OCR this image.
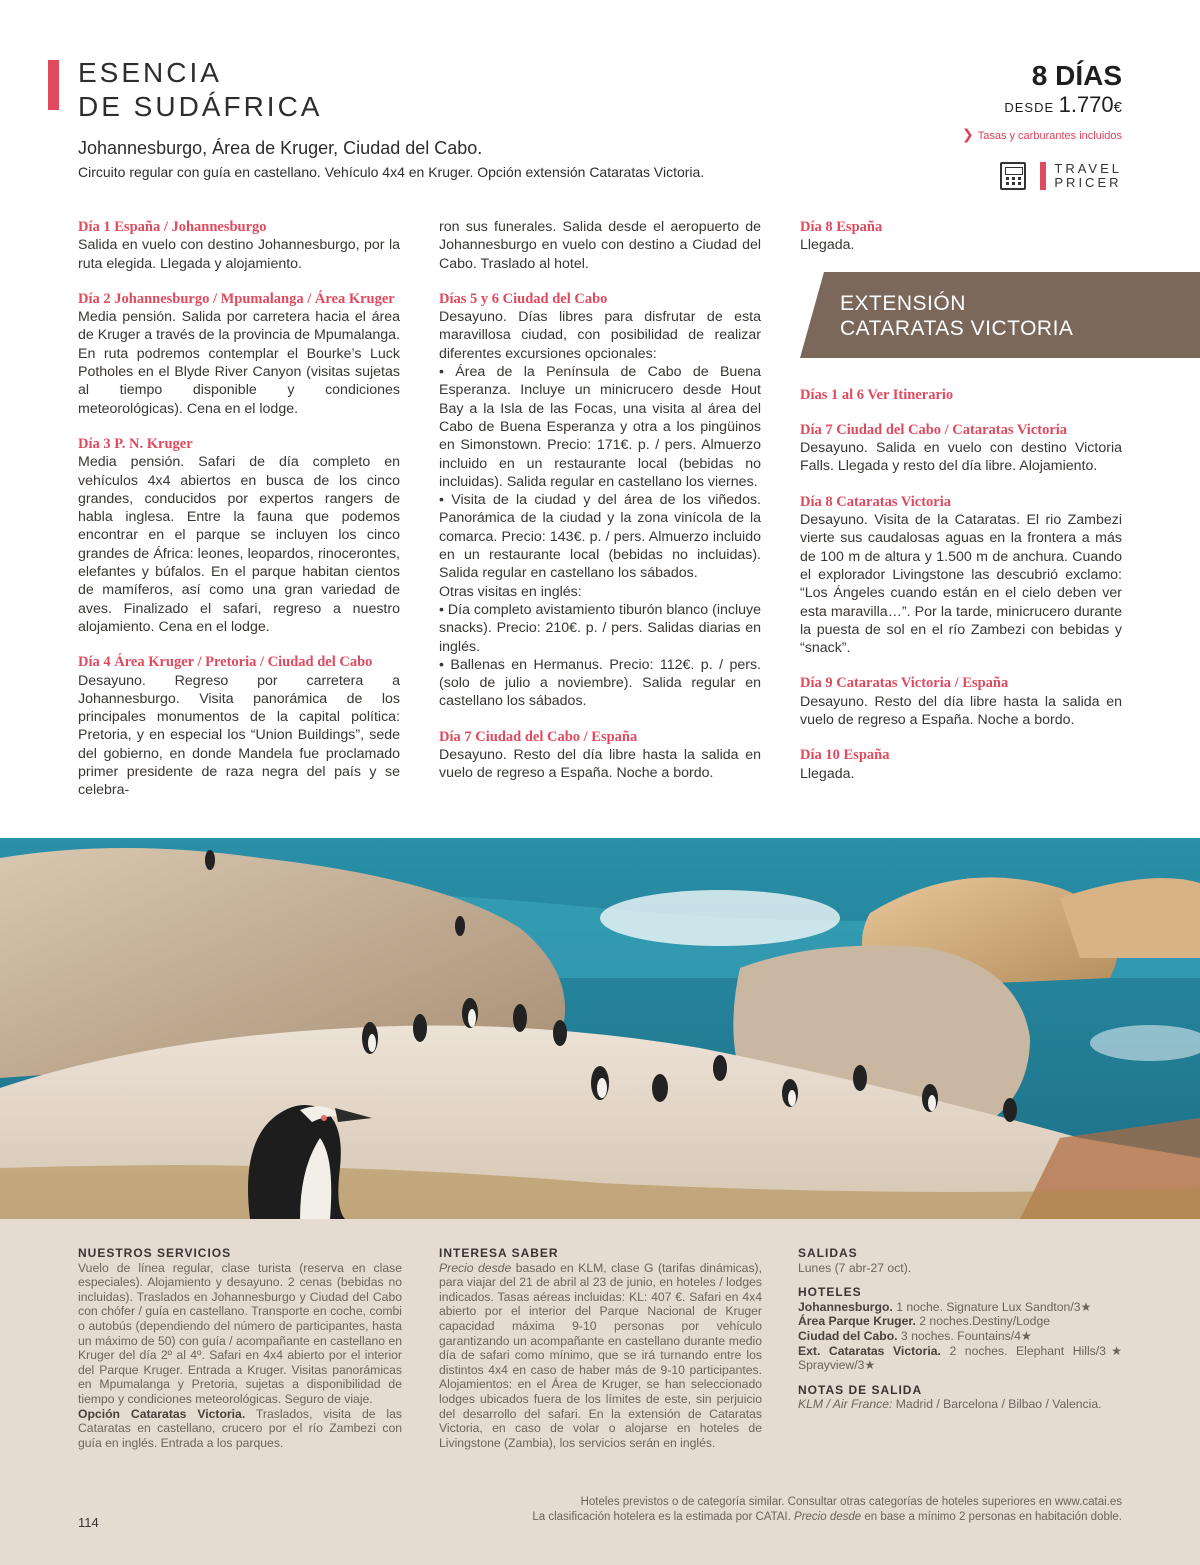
ESENCIA
DE SUDÁFRICA
Johannesburgo, Área de Kruger, Ciudad del Cabo.
Circuito regular con guía en castellano. Vehículo 4x4 en Kruger. Opción extensión Cataratas Victoria.
8 DÍAS
DESDE 1.770€
❯ Tasas y carburantes incluidos
TRAVEL
PRICER
Día 1 España / Johannesburgo
Salida en vuelo con destino Johannesburgo, por la ruta elegida. Llegada y alojamiento.
Día 2 Johannesburgo / Mpumalanga / Área Kruger
Media pensión. Salida por carretera hacia el área de Kruger a través de la provincia de Mpumalanga. En ruta podremos contemplar el Bourke’s Luck Potholes en el Blyde River Canyon (visitas sujetas al tiempo disponible y condiciones meteorológicas). Cena en el lodge.
Día 3 P. N. Kruger
Media pensión. Safari de día completo en vehículos 4x4 abiertos en busca de los cinco grandes, conducidos por expertos rangers de habla inglesa. Entre la fauna que podemos encontrar en el parque se incluyen los cinco grandes de África: leones, leopardos, rinocerontes, elefantes y búfalos. En el parque habitan cientos de mamíferos, así como una gran variedad de aves. Finalizado el safari, regreso a nuestro alojamiento. Cena en el lodge.
Día 4 Área Kruger / Pretoria / Ciudad del Cabo
Desayuno. Regreso por carretera a Johannesburgo. Visita panorámica de los principales monumentos de la capital política: Pretoria, y en especial los “Union Buildings”, sede del gobierno, en donde Mandela fue proclamado primer presidente de raza negra del país y se celebra-
ron sus funerales. Salida desde el aeropuerto de Johannesburgo en vuelo con destino a Ciudad del Cabo. Traslado al hotel.
Días 5 y 6 Ciudad del Cabo
Desayuno. Días libres para disfrutar de esta maravillosa ciudad, con posibilidad de realizar diferentes excursiones opcionales:
• Área de la Península de Cabo de Buena Esperanza. Incluye un minicrucero desde Hout Bay a la Isla de las Focas, una visita al área del Cabo de Buena Esperanza y otra a los pingüinos en Simonstown. Precio: 171€. p. / pers. Almuerzo incluido en un restaurante local (bebidas no incluidas). Salida regular en castellano los viernes.
• Visita de la ciudad y del área de los viñedos. Panorámica de la ciudad y la zona vinícola de la comarca. Precio: 143€. p. / pers. Almuerzo incluido en un restaurante local (bebidas no incluidas). Salida regular en castellano los sábados.
Otras visitas en inglés:
• Día completo avistamiento tiburón blanco (incluye snacks). Precio: 210€. p. / pers. Salidas diarias en inglés.
• Ballenas en Hermanus. Precio: 112€. p. / pers. (solo de julio a noviembre). Salida regular en castellano los sábados.
Día 7 Ciudad del Cabo / España
Desayuno. Resto del día libre hasta la salida en vuelo de regreso a España. Noche a bordo.
Día 8 España
Llegada.
EXTENSIÓN
CATARATAS VICTORIA
Días 1 al 6 Ver Itinerario
Día 7 Ciudad del Cabo / Cataratas Victoria
Desayuno. Salida en vuelo con destino Victoria Falls. Llegada y resto del día libre. Alojamiento.
Día 8 Cataratas Victoria
Desayuno. Visita de la Cataratas. El rio Zambezi vierte sus caudalosas aguas en la frontera a más de 100 m de altura y 1.500 m de anchura. Cuando el explorador Livingstone las descubrió exclamo: “Los Ángeles cuando están en el cielo deben ver esta maravilla…”. Por la tarde, minicrucero durante la puesta de sol en el río Zambezi con bebidas y “snack”.
Día 9 Cataratas Victoria / España
Desayuno. Resto del día libre hasta la salida en vuelo de regreso a España. Noche a bordo.
Día 10 España
Llegada.
NUESTROS SERVICIOS
Vuelo de línea regular, clase turista (reserva en clase especiales). Alojamiento y desayuno. 2 cenas (bebidas no incluidas). Traslados en Johannesburgo y Ciudad del Cabo con chófer / guía en castellano. Transporte en coche, combi o autobús (dependiendo del número de participantes, hasta un máximo de 50) con guía / acompañante en castellano en Kruger del día 2º al 4º. Safari en 4x4 abierto por el interior del Parque Kruger. Entrada a Kruger. Visitas panorámicas en Mpumalanga y Pretoria, sujetas a disponibilidad de tiempo y condiciones meteorológicas. Seguro de viaje.
Opción Cataratas Victoria. Traslados, visita de las Cataratas en castellano, crucero por el río Zambezi con guía en inglés. Entrada a los parques.
INTERESA SABER
Precio desde basado en KLM, clase G (tarifas dinámicas), para viajar del 21 de abril al 23 de junio, en hoteles / lodges indicados. Tasas aéreas incluidas: KL: 407 €. Safari en 4x4 abierto por el interior del Parque Nacional de Kruger capacidad máxima 9-10 personas por vehículo garantizando un acompañante en castellano durante medio día de safari como mínimo, que se irá turnando entre los distintos 4x4 en caso de haber más de 9-10 participantes. Alojamientos: en el Área de Kruger, se han seleccionado lodges ubicados fuera de los límites de este, sin perjuicio del desarrollo del safari. En la extensión de Cataratas Victoria, en caso de volar o alojarse en hoteles de Livingstone (Zambia), los servicios serán en inglés.
SALIDAS
Lunes (7 abr-27 oct).
HOTELES
Johannesburgo. 1 noche. Signature Lux Sandton/3★
Área Parque Kruger. 2 noches.Destiny/Lodge
Ciudad del Cabo. 3 noches. Fountains/4★
Ext. Cataratas Victoria. 2 noches. Elephant Hills/3★ Sprayview/3★
NOTAS DE SALIDA
KLM / Air France: Madrid / Barcelona / Bilbao / Valencia.
114
Hoteles previstos o de categoría similar. Consultar otras categorías de hoteles superiores en www.catai.es
La clasificación hotelera es la estimada por CATAI. Precio desde en base a mínimo 2 personas en habitación doble.
